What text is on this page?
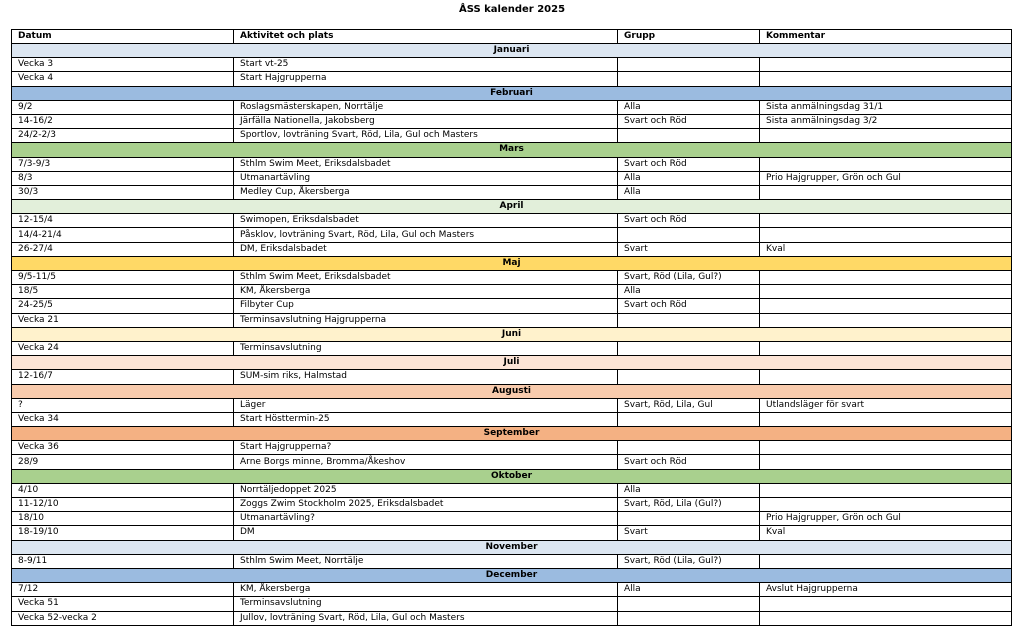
ÅSS kalender 2025
Datum	Aktivitet och plats	Grupp	Kommentar
Januari			
Vecka 3	Start vt-25		
Vecka 4	Start Hajgrupperna		
Februari			
9/2	Roslagsmästerskapen, Norrtälje	Alla	Sista anmälningsdag 31/1
14-16/2	Järfälla Nationella, Jakobsberg	Svart och Röd	Sista anmälningsdag 3/2
24/2-2/3	Sportlov, lovträning Svart, Röd, Lila, Gul och Masters		
Mars			
7/3-9/3	Sthlm Swim Meet, Eriksdalsbadet	Svart och Röd	
8/3	Utmanartävling	Alla	Prio Hajgrupper, Grön och Gul
30/3	Medley Cup, Åkersberga	Alla	
April			
12-15/4	Swimopen, Eriksdalsbadet	Svart och Röd	
14/4-21/4	Påsklov, lovträning Svart, Röd, Lila, Gul och Masters		
26-27/4	DM, Eriksdalsbadet	Svart	Kval
Maj			
9/5-11/5	Sthlm Swim Meet, Eriksdalsbadet	Svart, Röd (Lila, Gul?)	
18/5	KM, Åkersberga	Alla	
24-25/5	Filbyter Cup	Svart och Röd	
Vecka 21	Terminsavslutning Hajgrupperna		
Juni			
Vecka 24	Terminsavslutning		
Juli			
12-16/7	SUM-sim riks, Halmstad		
Augusti			
?	Läger	Svart, Röd, Lila, Gul	Utlandsläger för svart
Vecka 34	Start Hösttermin-25		
September			
Vecka 36	Start Hajgrupperna?		
28/9	Arne Borgs minne, Bromma/Åkeshov	Svart och Röd	
Oktober			
4/10	Norrtäljedoppet 2025	Alla	
11-12/10	Zoggs Zwim Stockholm 2025, Eriksdalsbadet	Svart, Röd, Lila (Gul?)	
18/10	Utmanartävling?		Prio Hajgrupper, Grön och Gul
18-19/10	DM	Svart	Kval
November			
8-9/11	Sthlm Swim Meet, Norrtälje	Svart, Röd (Lila, Gul?)	
December			
7/12	KM, Åkersberga	Alla	Avslut Hajgrupperna
Vecka 51	Terminsavslutning		
Vecka 52-vecka 2	Jullov, lovträning Svart, Röd, Lila, Gul och Masters		
